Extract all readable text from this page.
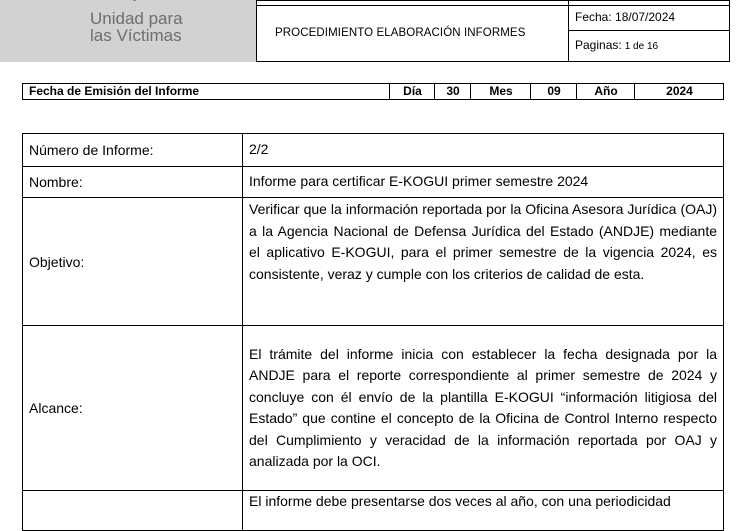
Unidad para
las Víctimas	PROCEDIMIENTO ELABORACIÓN INFORMES
Fecha: 18/07/2024
Paginas: 1 de 16
Fecha de Emisión del Informe	Día	30	Mes	09	Año	2024
Número de Informe:	2/2
Nombre:	Informe para certificar E-KOGUI primer semestre 2024
Objetivo:	Verificar que la información reportada por la Oficina Asesora Jurídica (OAJ) a la Agencia Nacional de Defensa Jurídica del Estado (ANDJE) mediante el aplicativo E-KOGUI, para el primer semestre de la vigencia 2024, es consistente, veraz y cumple con los criterios de calidad de esta.
Alcance:	El trámite del informe inicia con establecer la fecha designada por la ANDJE para el reporte correspondiente al primer semestre de 2024 y concluye con él envío de la plantilla E-KOGUI “información litigiosa del Estado” que contine el concepto de la Oficina de Control Interno respecto del Cumplimiento y veracidad de la información reportada por OAJ y analizada por la OCI.
	El informe debe presentarse dos veces al año, con una periodicidad
